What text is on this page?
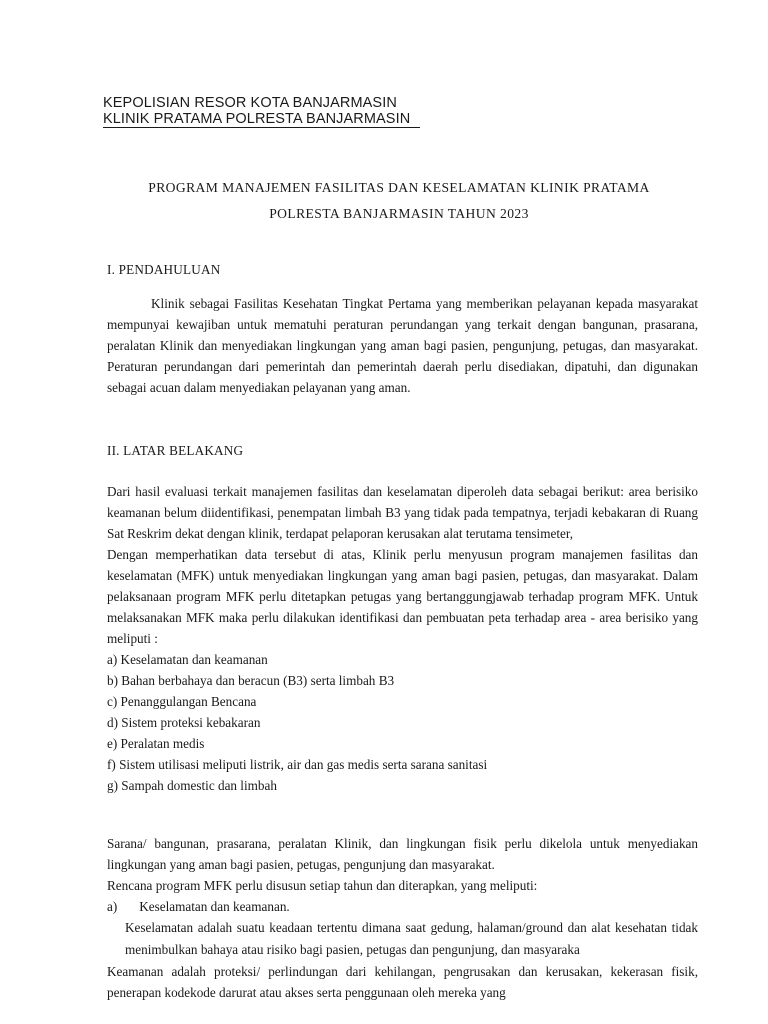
KEPOLISIAN RESOR KOTA BANJARMASIN
KLINIK PRATAMA POLRESTA BANJARMASIN
PROGRAM MANAJEMEN FASILITAS DAN KESELAMATAN KLINIK PRATAMA
POLRESTA BANJARMASIN TAHUN 2023
I. PENDAHULUAN

Klinik sebagai Fasilitas Kesehatan Tingkat Pertama yang memberikan pelayanan kepada masyarakat mempunyai kewajiban untuk mematuhi peraturan perundangan yang terkait dengan bangunan, prasarana, peralatan Klinik dan menyediakan lingkungan yang aman bagi pasien, pengunjung, petugas, dan masyarakat. Peraturan perundangan dari pemerintah dan pemerintah daerah perlu disediakan, dipatuhi, dan digunakan sebagai acuan dalam menyediakan pelayanan yang aman.

II. LATAR BELAKANG

Dari hasil evaluasi terkait manajemen fasilitas dan keselamatan diperoleh data sebagai berikut: area berisiko keamanan belum diidentifikasi, penempatan limbah B3 yang tidak pada tempatnya, terjadi kebakaran di Ruang Sat Reskrim dekat dengan klinik, terdapat pelaporan kerusakan alat terutama tensimeter,

Dengan memperhatikan data tersebut di atas, Klinik perlu menyusun program manajemen fasilitas dan keselamatan (MFK) untuk menyediakan lingkungan yang aman bagi pasien, petugas, dan masyarakat. Dalam pelaksanaan program MFK perlu ditetapkan petugas yang bertanggungjawab terhadap program MFK. Untuk melaksanakan MFK maka perlu dilakukan identifikasi dan pembuatan peta terhadap area - area berisiko yang meliputi :

a) Keselamatan dan keamanan
b) Bahan berbahaya dan beracun (B3) serta limbah B3
c) Penanggulangan Bencana
d) Sistem proteksi kebakaran
e) Peralatan medis
f) Sistem utilisasi meliputi listrik, air dan gas medis serta sarana sanitasi
g) Sampah domestic dan limbah

Sarana/ bangunan, prasarana, peralatan Klinik, dan lingkungan fisik perlu dikelola untuk menyediakan lingkungan yang aman bagi pasien, petugas, pengunjung dan masyarakat.

Rencana program MFK perlu disusun setiap tahun dan diterapkan, yang meliputi:

a) Keselamatan dan keamanan.

Keselamatan adalah suatu keadaan tertentu dimana saat gedung, halaman/ground dan alat kesehatan tidak menimbulkan bahaya atau risiko bagi pasien, petugas dan pengunjung, dan masyaraka

Keamanan adalah proteksi/ perlindungan dari kehilangan, pengrusakan dan kerusakan, kekerasan fisik, penerapan kodekode darurat atau akses serta penggunaan oleh mereka yang
